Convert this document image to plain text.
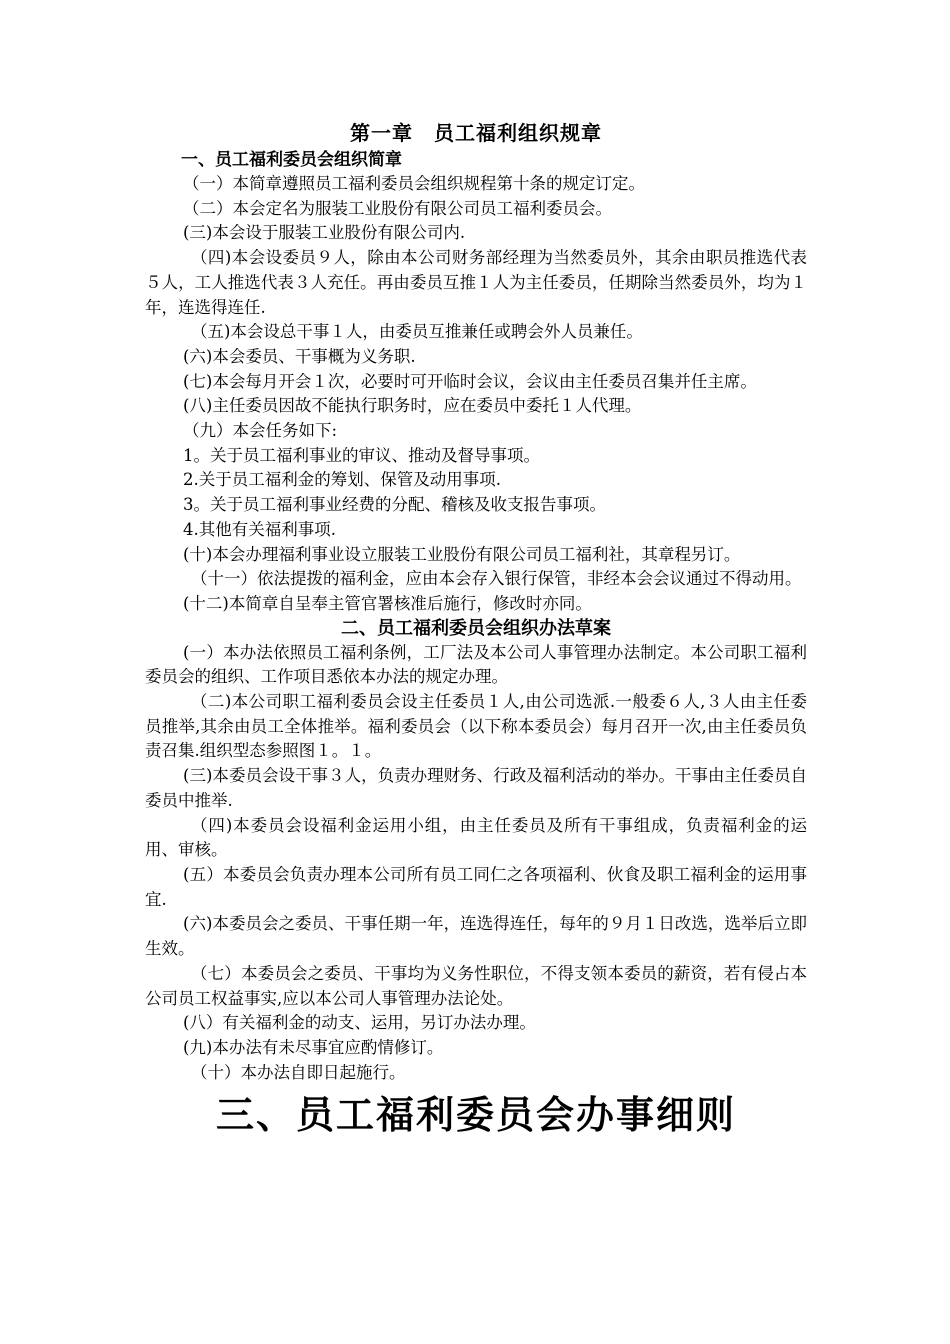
第一章　员工福利组织规章
一、员工福利委员会组织简章

（一）本简章遵照员工福利委员会组织规程第十条的规定订定。

（二）本会定名为服装工业股份有限公司员工福利委员会。

(三)本会设于服装工业股份有限公司内.

（四)本会设委员９人，除由本公司财务部经理为当然委员外，其余由职员推选代表５人，工人推选代表３人充任。再由委员互推１人为主任委员，任期除当然委员外，均为１年，连选得连任.

（五)本会设总干事１人，由委员互推兼任或聘会外人员兼任。

(六)本会委员、干事概为义务职.

(七)本会每月开会１次，必要时可开临时会议，会议由主任委员召集并任主席。

(八)主任委员因故不能执行职务时，应在委员中委托１人代理。

（九）本会任务如下:

1。关于员工福利事业的审议、推动及督导事项。

2.关于员工福利金的筹划、保管及动用事项.

3。关于员工福利事业经费的分配、稽核及收支报告事项。

4.其他有关福利事项.

(十)本会办理福利事业设立服装工业股份有限公司员工福利社，其章程另订。

（十一）依法提拨的福利金，应由本会存入银行保管，非经本会会议通过不得动用。

(十二)本简章自呈奉主管官署核准后施行，修改时亦同。

二、员工福利委员会组织办法草案

(一）本办法依照员工福利条例，工厂法及本公司人事管理办法制定。本公司职工福利委员会的组织、工作项目悉依本办法的规定办理。

（二)本公司职工福利委员会设主任委员１人,由公司选派.一般委６人,３人由主任委员推举,其余由员工全体推举。福利委员会（以下称本委员会）每月召开一次,由主任委员负责召集.组织型态参照图１。１。

(三)本委员会设干事３人，负责办理财务、行政及福利活动的举办。干事由主任委员自委员中推举.

（四)本委员会设福利金运用小组，由主任委员及所有干事组成，负责福利金的运用、审核。

(五）本委员会负责办理本公司所有员工同仁之各项福利、伙食及职工福利金的运用事宜.

(六)本委员会之委员、干事任期一年，连选得连任，每年的９月１日改选，选举后立即生效。

（七）本委员会之委员、干事均为义务性职位，不得支领本委员的薪资，若有侵占本公司员工权益事实,应以本公司人事管理办法论处。

(八）有关福利金的动支、运用，另订办法办理。

(九)本办法有未尽事宜应酌情修订。

（十）本办法自即日起施行。

三、员工福利委员会办事细则
